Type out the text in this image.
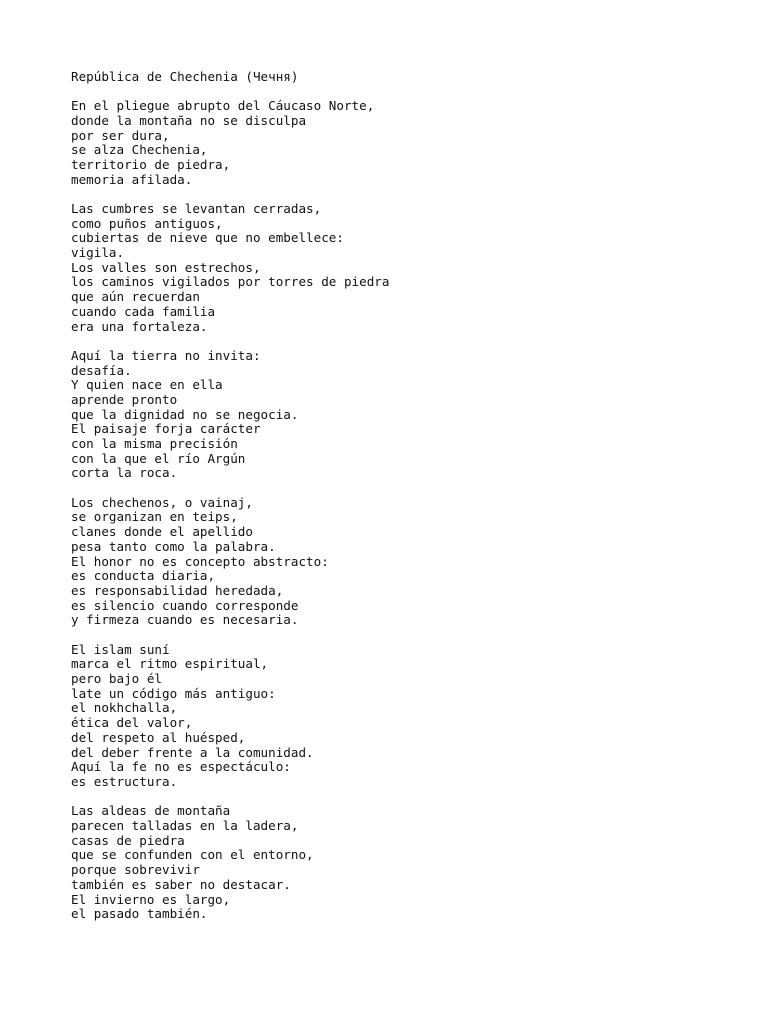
República de Chechenia (Чечня)
En el pliegue abrupto del Cáucaso Norte,
donde la montaña no se disculpa
por ser dura,
se alza Chechenia,
territorio de piedra,
memoria afilada.
Las cumbres se levantan cerradas,
como puños antiguos,
cubiertas de nieve que no embellece:
vigila.
Los valles son estrechos,
los caminos vigilados por torres de piedra
que aún recuerdan
cuando cada familia
era una fortaleza.
Aquí la tierra no invita:
desafía.
Y quien nace en ella
aprende pronto
que la dignidad no se negocia.
El paisaje forja carácter
con la misma precisión
con la que el río Argún
corta la roca.
Los chechenos, o vainaj,
se organizan en teips,
clanes donde el apellido
pesa tanto como la palabra.
El honor no es concepto abstracto:
es conducta diaria,
es responsabilidad heredada,
es silencio cuando corresponde
y firmeza cuando es necesaria.
El islam suní
marca el ritmo espiritual,
pero bajo él
late un código más antiguo:
el nokhchalla,
ética del valor,
del respeto al huésped,
del deber frente a la comunidad.
Aquí la fe no es espectáculo:
es estructura.
Las aldeas de montaña
parecen talladas en la ladera,
casas de piedra
que se confunden con el entorno,
porque sobrevivir
también es saber no destacar.
El invierno es largo,
el pasado también.
